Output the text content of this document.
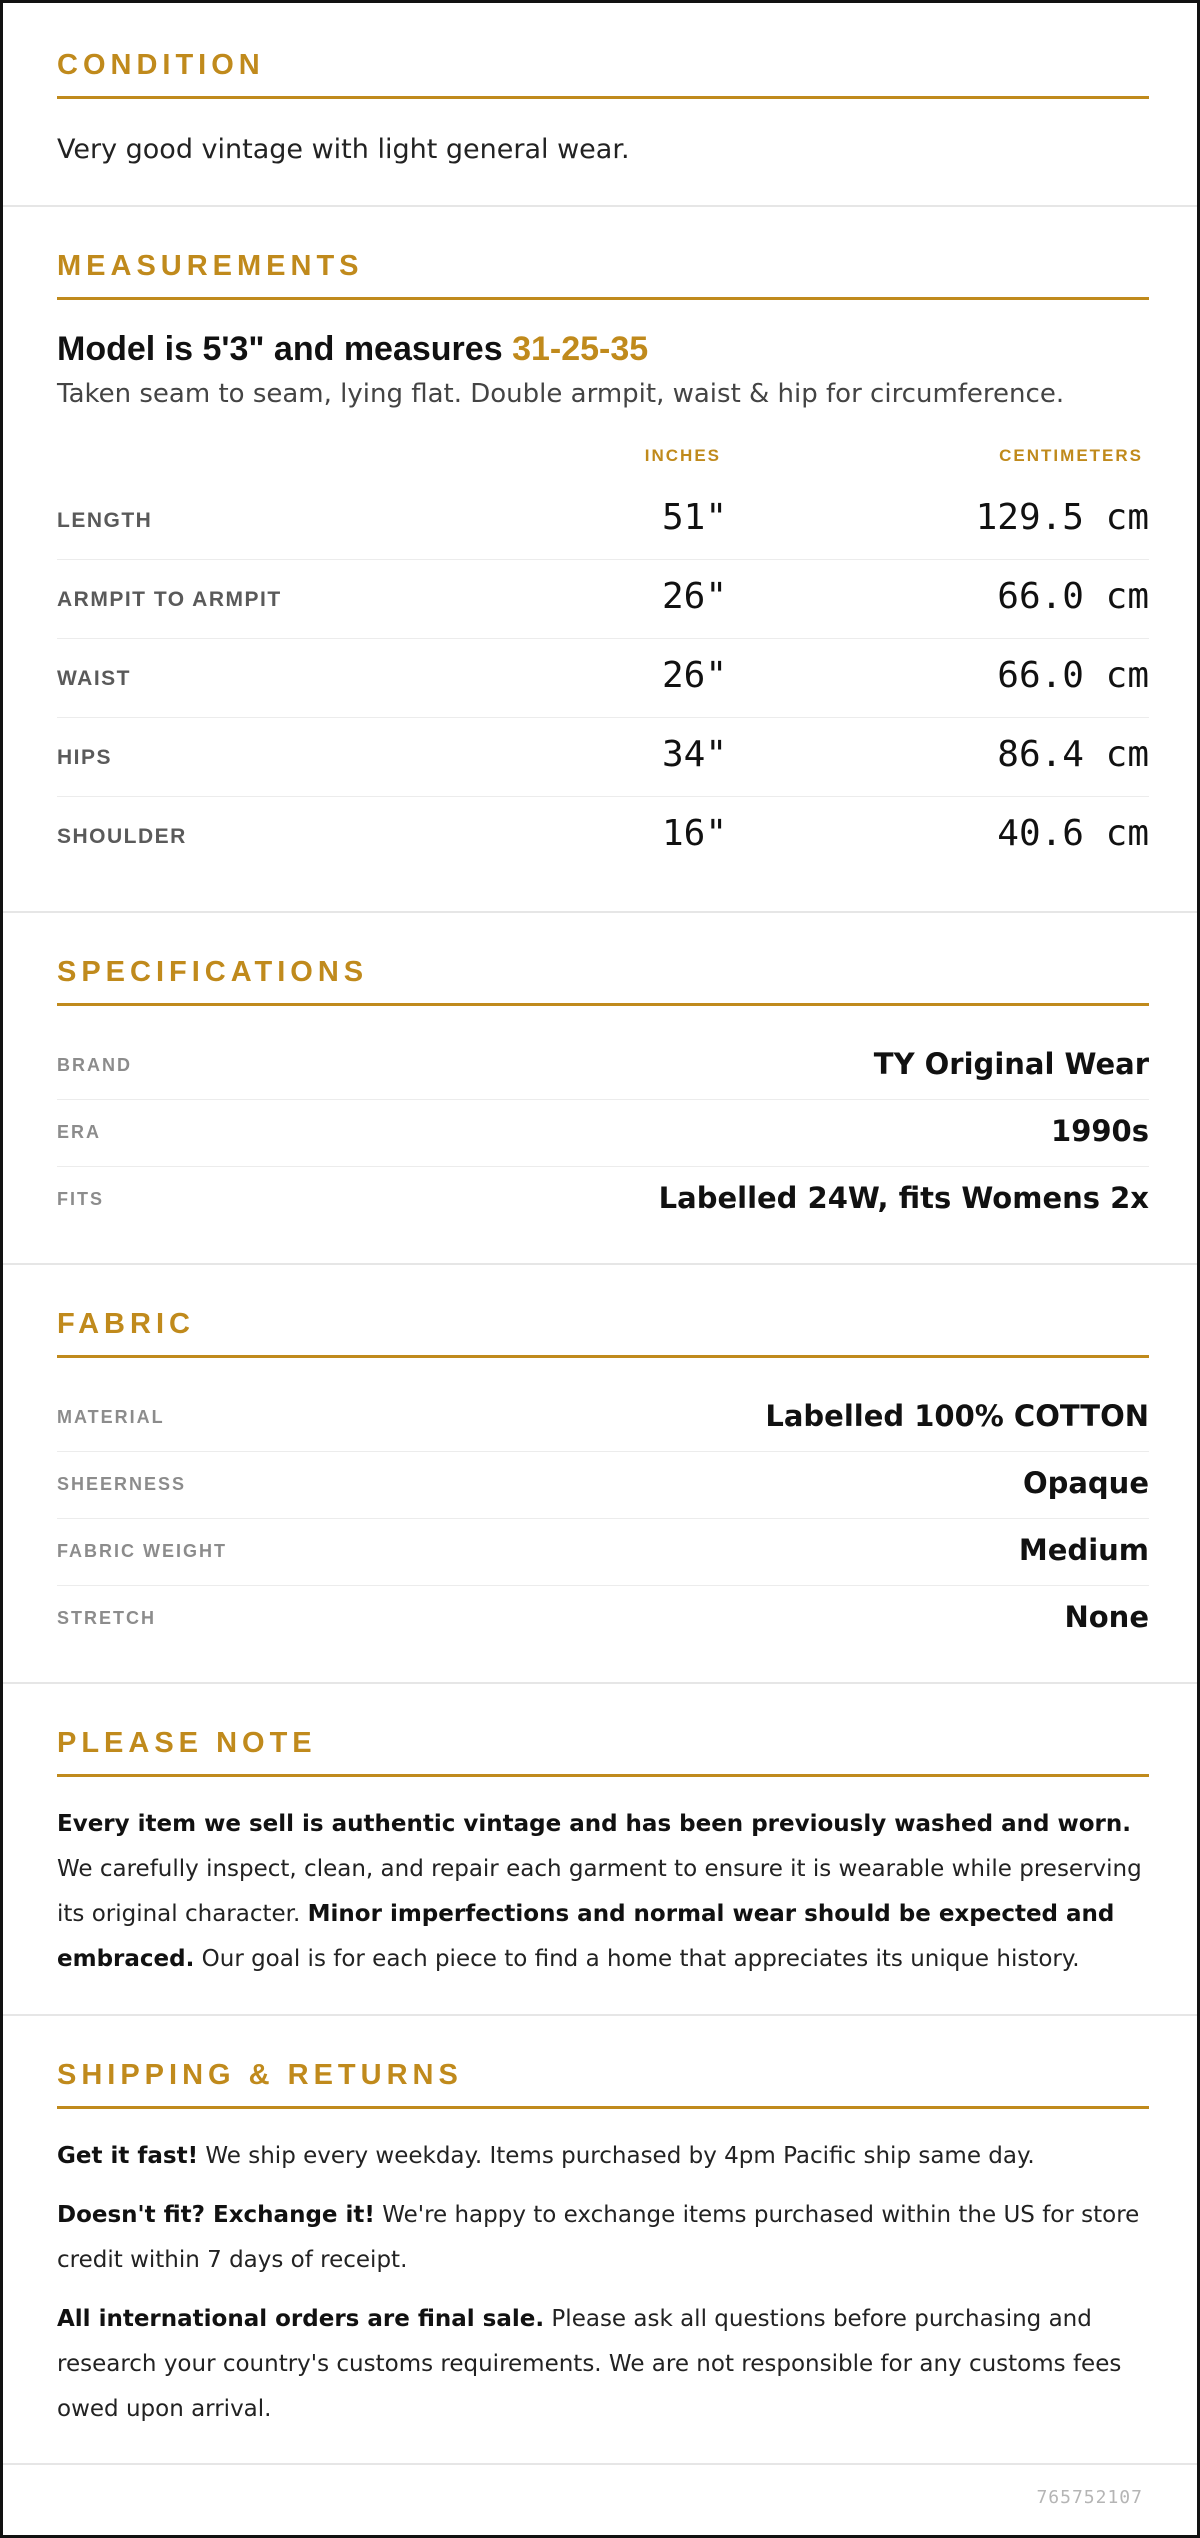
CONDITION
Very good vintage with light general wear.
MEASUREMENTS
Model is 5'3" and measures 31-25-35
Taken seam to seam, lying flat. Double armpit, waist & hip for circumference.
INCHES	CENTIMETERS
LENGTH	51"	129.5 cm
ARMPIT TO ARMPIT	26"	66.0 cm
WAIST	26"	66.0 cm
HIPS	34"	86.4 cm
SHOULDER	16"	40.6 cm
SPECIFICATIONS
BRAND	TY Original Wear
ERA	1990s
FITS	Labelled 24W, fits Womens 2x
FABRIC
MATERIAL	Labelled 100% COTTON
SHEERNESS	Opaque
FABRIC WEIGHT	Medium
STRETCH	None
PLEASE NOTE

Every item we sell is authentic vintage and has been previously washed and worn. We carefully inspect, clean, and repair each garment to ensure it is wearable while preserving its original character. Minor imperfections and normal wear should be expected and embraced. Our goal is for each piece to find a home that appreciates its unique history.

SHIPPING & RETURNS

Get it fast! We ship every weekday. Items purchased by 4pm Pacific ship same day.

Doesn't fit? Exchange it! We're happy to exchange items purchased within the US for store credit within 7 days of receipt.

All international orders are final sale. Please ask all questions before purchasing and research your country's customs requirements. We are not responsible for any customs fees owed upon arrival.

765752107
